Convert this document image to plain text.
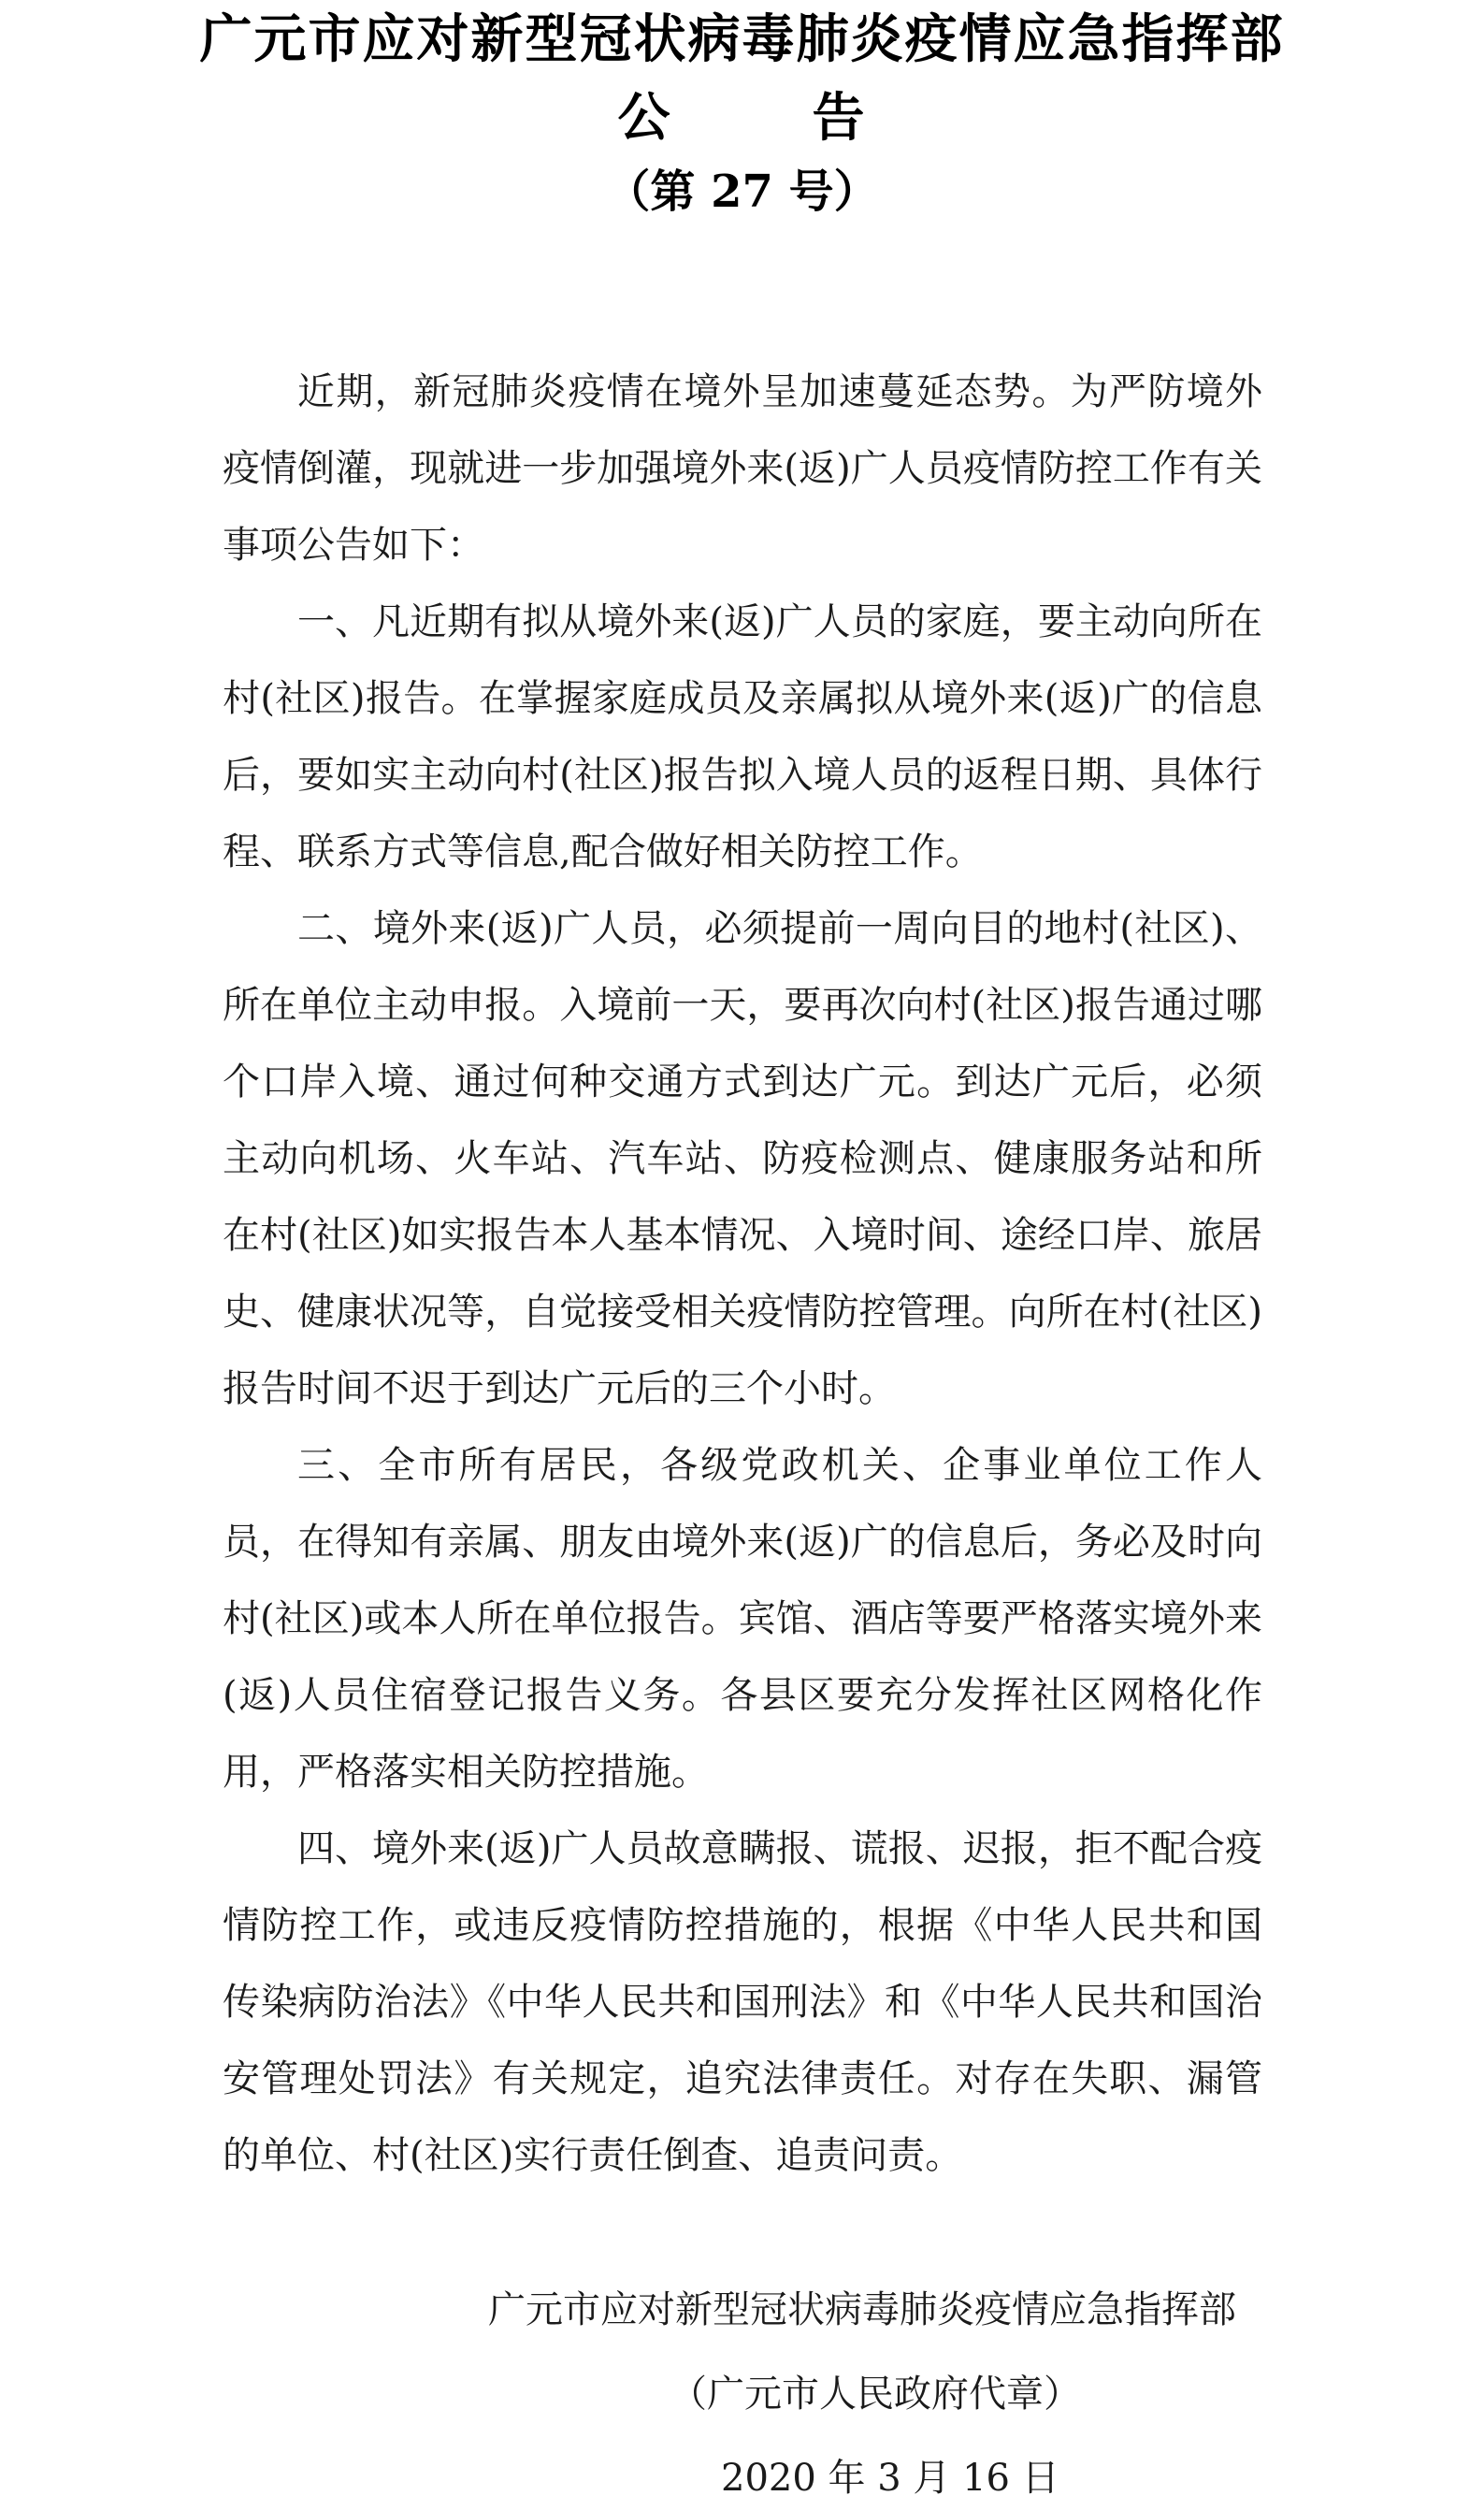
广元市应对新型冠状病毒肺炎疫情应急指挥部
公	告
（第 27 号）

近期，新冠肺炎疫情在境外呈加速蔓延态势。为严防境外疫情倒灌，现就进一步加强境外来(返)广人员疫情防控工作有关事项公告如下：

一、凡近期有拟从境外来(返)广人员的家庭，要主动向所在村(社区)报告。在掌握家庭成员及亲属拟从境外来(返)广的信息后，要如实主动向村(社区)报告拟入境人员的返程日期、具体行程、联系方式等信息,配合做好相关防控工作。

二、境外来(返)广人员，必须提前一周向目的地村(社区)、所在单位主动申报。入境前一天，要再次向村(社区)报告通过哪个口岸入境、通过何种交通方式到达广元。到达广元后，必须主动向机场、火车站、汽车站、防疫检测点、健康服务站和所在村(社区)如实报告本人基本情况、入境时间、途经口岸、旅居史、健康状况等，自觉接受相关疫情防控管理。向所在村(社区)报告时间不迟于到达广元后的三个小时。

三、全市所有居民，各级党政机关、企事业单位工作人员，在得知有亲属、朋友由境外来(返)广的信息后，务必及时向村(社区)或本人所在单位报告。宾馆、酒店等要严格落实境外来(返)人员住宿登记报告义务。各县区要充分发挥社区网格化作用，严格落实相关防控措施。

四、境外来(返)广人员故意瞒报、谎报、迟报，拒不配合疫情防控工作，或违反疫情防控措施的，根据《中华人民共和国传染病防治法》《中华人民共和国刑法》和《中华人民共和国治安管理处罚法》有关规定，追究法律责任。对存在失职、漏管的单位、村(社区)实行责任倒查、追责问责。

广元市应对新型冠状病毒肺炎疫情应急指挥部
（广元市人民政府代章）
2020 年 3 月 16 日
